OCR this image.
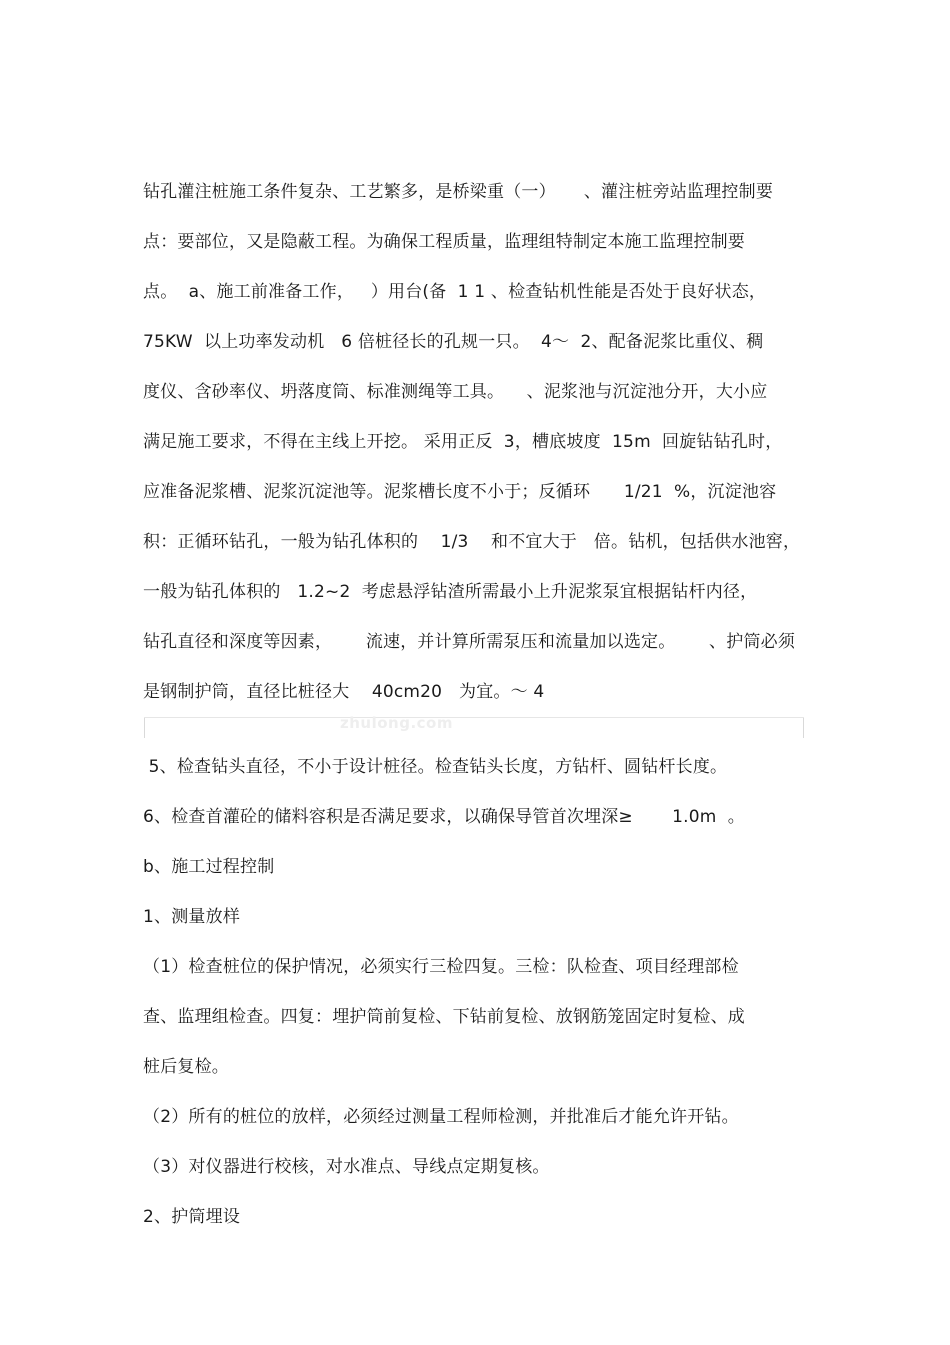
钻孔灌注桩施工条件复杂、工艺繁多，是桥梁重（一）     、灌注桩旁站监理控制要
点：要部位，又是隐蔽工程。为确保工程质量，监理组特制定本施工监理控制要
点。  a、施工前准备工作，   ）用台(备  1 1 、检查钻机性能是否处于良好状态，
75KW  以上功率发动机   6 倍桩径长的孔规一只。  4～  2、配备泥浆比重仪、稠
度仪、含砂率仪、坍落度筒、标准测绳等工具。    、泥浆池与沉淀池分开，大小应
满足施工要求，不得在主线上开挖。 采用正反  3，槽底坡度  15m  回旋钻钻孔时，
应准备泥浆槽、泥浆沉淀池等。泥浆槽长度不小于；反循环      1/21  %，沉淀池容
积：正循环钻孔，一般为钻孔体积的    1/3    和不宜大于   倍。钻机，包括供水池窖，
一般为钻孔体积的   1.2~2  考虑悬浮钻渣所需最小上升泥浆泵宜根据钻杆内径，
钻孔直径和深度等因素，      流速，并计算所需泵压和流量加以选定。      、护筒必须
是钢制护筒，直径比桩径大    40cm20   为宜。～ 4
zhulong.com
5、检查钻头直径，不小于设计桩径。检查钻头长度，方钻杆、圆钻杆长度。
6、检查首灌砼的储料容积是否满足要求，以确保导管首次埋深≥       1.0m  。
b、施工过程控制
1、测量放样
（1）检查桩位的保护情况，必须实行三检四复。三检：队检查、项目经理部检
查、监理组检查。四复：埋护筒前复检、下钻前复检、放钢筋笼固定时复检、成
桩后复检。
（2）所有的桩位的放样，必须经过测量工程师检测，并批准后才能允许开钻。
（3）对仪器进行校核，对水准点、导线点定期复核。
2、护筒埋设
